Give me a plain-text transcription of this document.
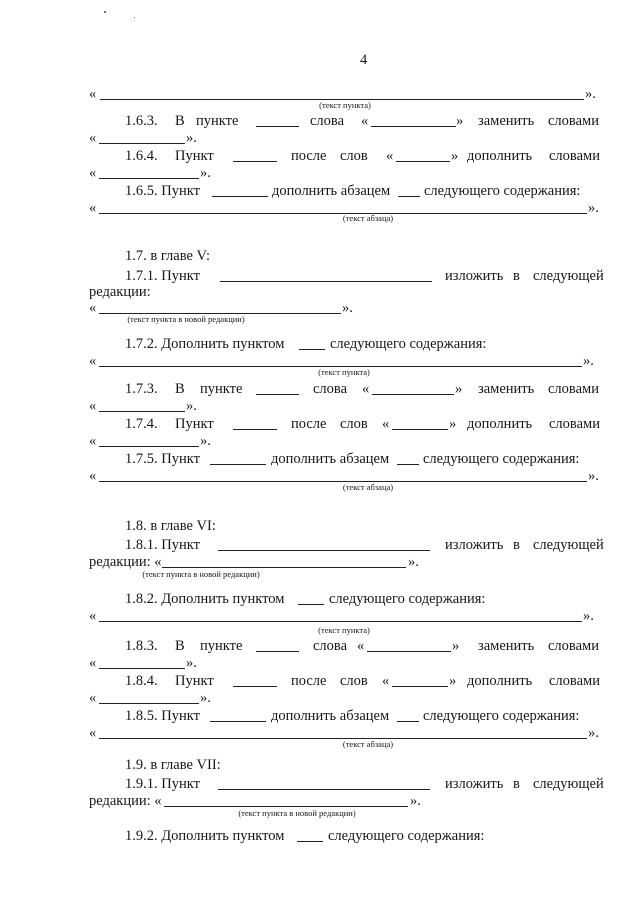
4
«	».
(текст пункта)
1.6.3. В пункте	слова «	» заменить словами
«	».
1.6.4. Пункт	после слов «	» дополнить словами
«	».
1.6.5. Пункт	дополнить абзацем следующего содержания:
«	».
(текст абзаца)
1.7. в главе V:
1.7.1. Пункт	изложить в следующей
редакции:
«	».
(текст пункта в новой редакции)
1.7.2. Дополнить пунктом	следующего содержания:
«	».
(текст пункта)
1.7.3. В пункте	слова «	» заменить словами
«	».
1.7.4. Пункт	после слов «	» дополнить словами
«	».
1.7.5. Пункт	дополнить абзацем следующего содержания:
«	».
(текст абзаца)
1.8. в главе VI:
1.8.1. Пункт	изложить в следующей
редакции: «	».
(текст пункта в новой редакции)
1.8.2. Дополнить пунктом	следующего содержания:
«	».
(текст пункта)
1.8.3. В пункте	слова «	» заменить словами
«	».
1.8.4. Пункт	после слов «	» дополнить словами
«	».
1.8.5. Пункт	дополнить абзацем следующего содержания:
«	».
(текст абзаца)
1.9. в главе VII:
1.9.1. Пункт	изложить в следующей
редакции: «	».
(текст пункта в новой редакции)
1.9.2. Дополнить пунктом	следующего содержания:
